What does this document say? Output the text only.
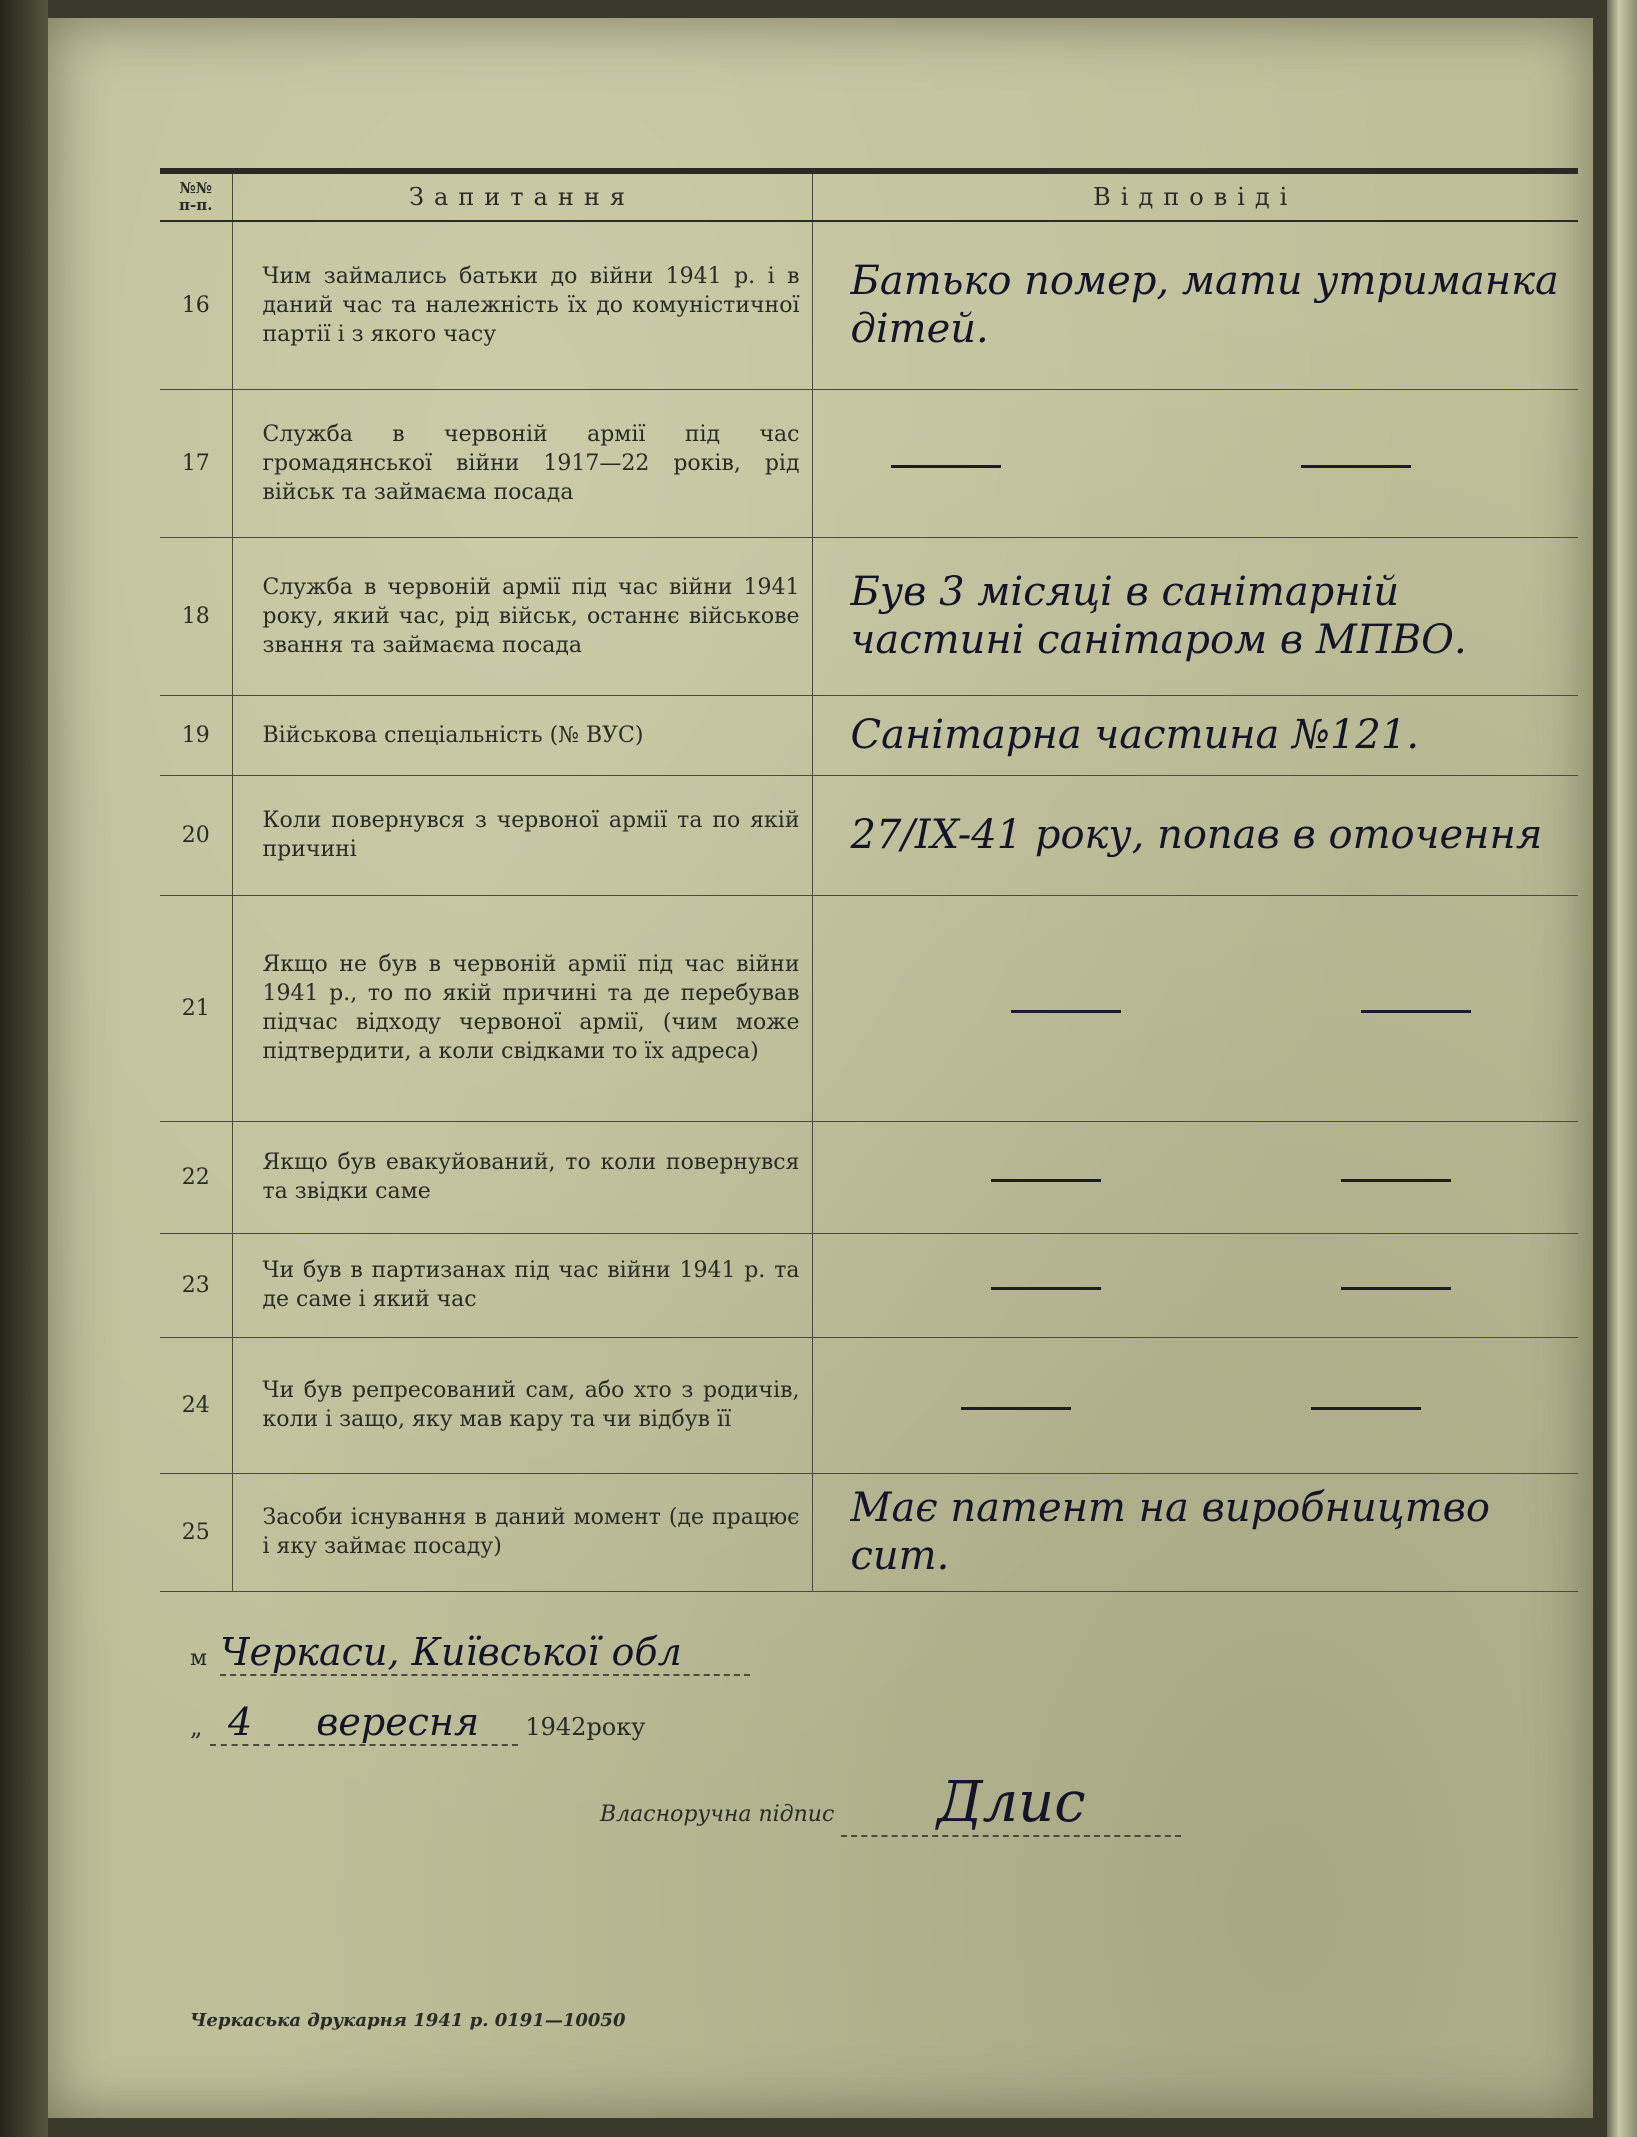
№№
п-п.	Запитання	Відповіді
16	Чим займались батьки до війни 1941 р. і в даний час та належність їх до комуністичної партії і з якого часу	Батько помер, мати утриманка дітей.
17	Служба в червоній армії під час громадянської війни 1917—22 років, рід військ та займаєма посада	
18	Служба в червоній армії під час війни 1941 року, який час, рід військ, останнє військове звання та займаєма посада	Був 3 місяці в санітарній частині санітаром в МПВО.
19	Військова спеціальність (№ ВУС)	Санітарна частина №121.
20	Коли повернувся з червоної армії та по якій причині	27/IX-41 року, попав в оточення
21	Якщо не був в червоній армії під час війни 1941 р., то по якій причині та де перебував підчас відходу червоної армії, (чим може підтвердити, а коли свідками то їх адреса)	
22	Якщо був евакуйований, то коли повернувся та звідки саме	
23	Чи був в партизанах під час війни 1941 р. та де саме і який час	
24	Чи був репресований сам, або хто з родичів, коли і защо, яку мав кару та чи відбув її	
25	Засоби існування в даний момент (де працює і яку займає посаду)	Має патент на виробництво сит.
м Черкаси, Київської обл
„ 4 вересня 1942року
Власноручна підпис Длис
Черкаська друкарня 1941 р. 0191—10050
